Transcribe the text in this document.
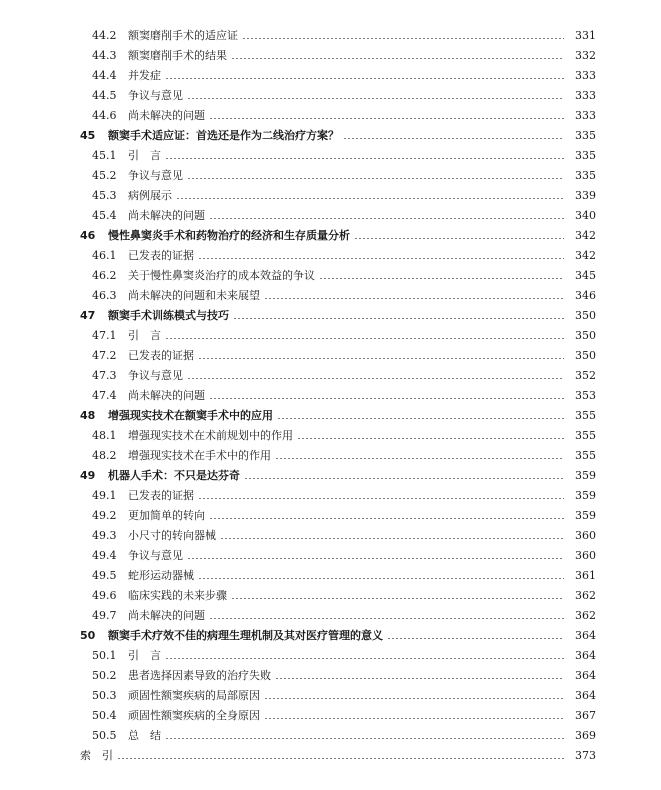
44.2	额窦磨削手术的适应证	331
44.3	额窦磨削手术的结果	332
44.4	并发症	333
44.5	争议与意见	333
44.6	尚未解决的问题	333
45	额窦手术适应证：首选还是作为二线治疗方案？	335
45.1	引　言	335
45.2	争议与意见	335
45.3	病例展示	339
45.4	尚未解决的问题	340
46	慢性鼻窦炎手术和药物治疗的经济和生存质量分析	342
46.1	已发表的证据	342
46.2	关于慢性鼻窦炎治疗的成本效益的争议	345
46.3	尚未解决的问题和未来展望	346
47	额窦手术训练模式与技巧	350
47.1	引　言	350
47.2	已发表的证据	350
47.3	争议与意见	352
47.4	尚未解决的问题	353
48	增强现实技术在额窦手术中的应用	355
48.1	增强现实技术在术前规划中的作用	355
48.2	增强现实技术在手术中的作用	355
49	机器人手术：不只是达芬奇	359
49.1	已发表的证据	359
49.2	更加简单的转向	359
49.3	小尺寸的转向器械	360
49.4	争议与意见	360
49.5	蛇形运动器械	361
49.6	临床实践的未来步骤	362
49.7	尚未解决的问题	362
50	额窦手术疗效不佳的病理生理机制及其对医疗管理的意义	364
50.1	引　言	364
50.2	患者选择因素导致的治疗失败	364
50.3	顽固性额窦疾病的局部原因	364
50.4	顽固性额窦疾病的全身原因	367
50.5	总　结	369
索　引	373
